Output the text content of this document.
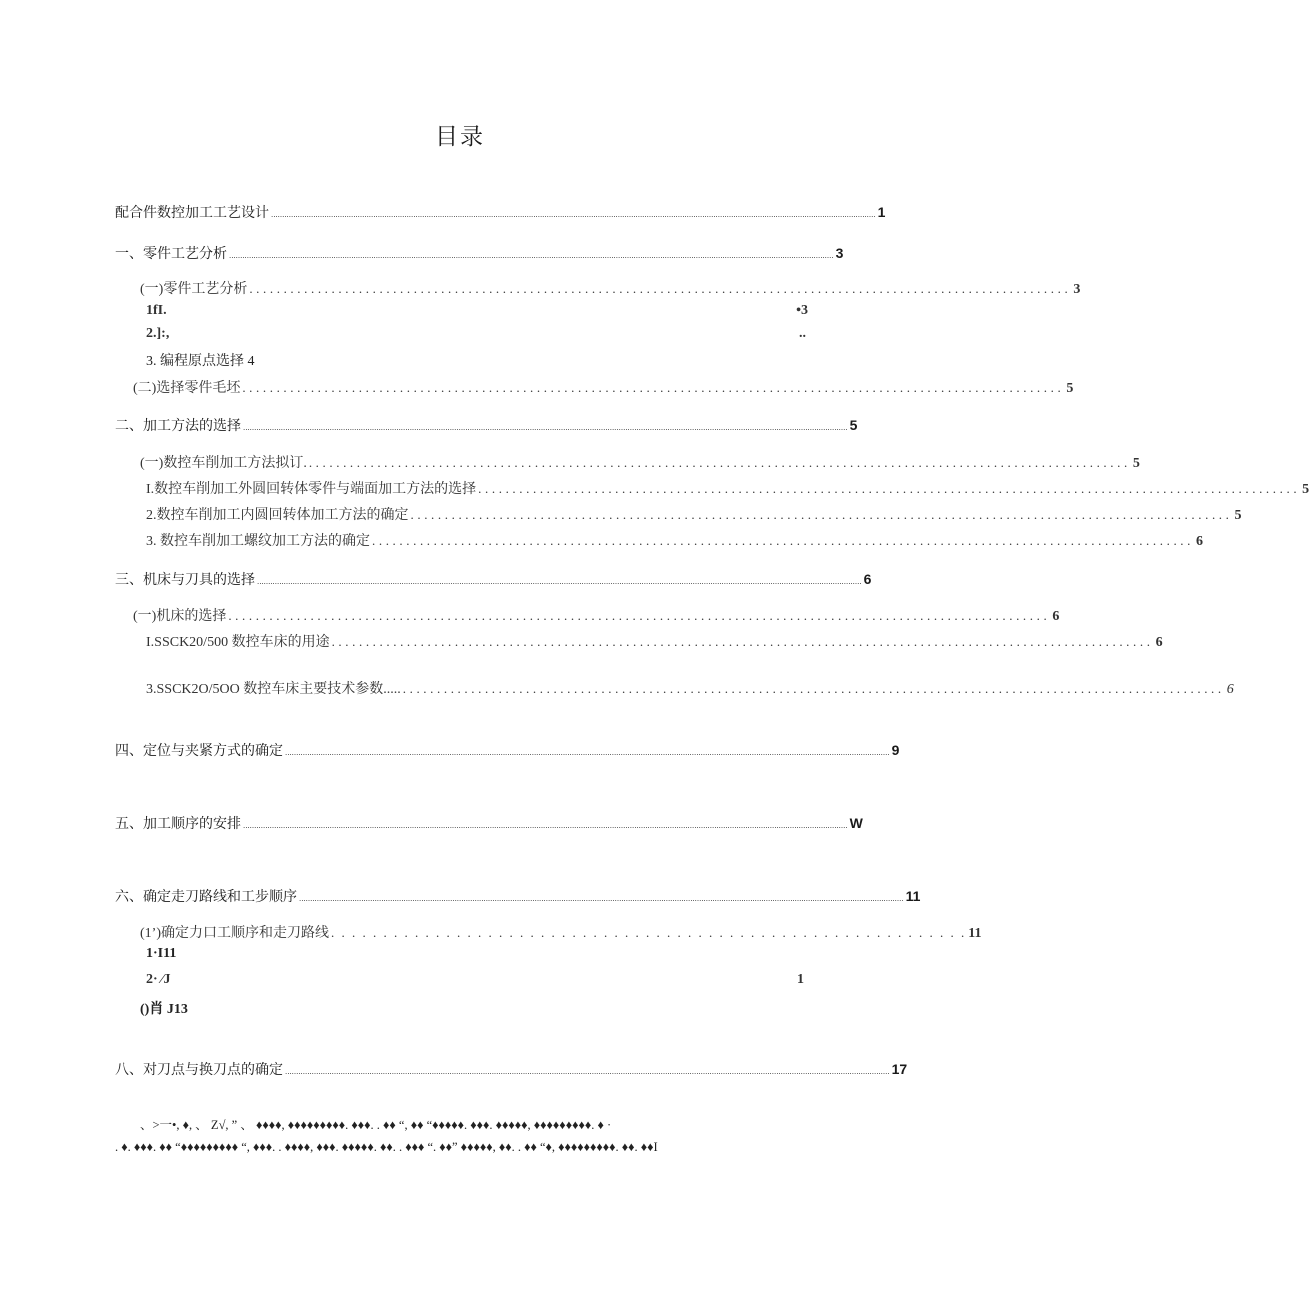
目录
配合件数控加工工艺设计 ................................................................................................................................................................................................................................................................................ 1
一、零件工艺分析 ................................................................................................................................................................................................................................................................................ 3
(一)零件工艺分析 ........................................................................................................................ 3
1fI.	•3
2.]:,	..
3. 编程原点选择 4
(二)选择零件毛坯 ........................................................................................................................ 5
二、加工方法的选择 ................................................................................................................................................................................................................................................................................ 5
(一)数控车削加工方法拟订. ........................................................................................................................ 5
I.数控车削加工外圆回转体零件与端面加工方法的选择 ........................................................................................................................ 5
2.数控车削加工内圆回转体加工方法的确定 ........................................................................................................................ 5
3. 数控车削加工螺纹加工方法的确定 ........................................................................................................................ 6
三、机床与刀具的选择 ................................................................................................................................................................................................................................................................................ 6
(一)机床的选择 ........................................................................................................................ 6
I.SSCK20/500 数控车床的用途 ........................................................................................................................ 6
3.SSCK2O/5OO 数控车床主要技术参数..... ........................................................................................................................ 6
四、定位与夹紧方式的确定 ................................................................................................................................................................................................................................................................................ 9
五、加工顺序的安排 ................................................................................................................................................................................................................................................................................ W
六、确定走刀路线和工步顺序 ................................................................................................................................................................................................................................................................................ 11
(1’)确定力口工顺序和走刀路线 . . . . . . . . . . . . . . . . . . . . . . . . . . . . . . . . . . . . . . . . . . . . . . . . . . . . . . . . . . . . . 11
1·I11
2· ⁄J	1
()肖 J13
八、对刀点与换刀点的确定 ................................................................................................................................................................................................................................................................................ 17
、>一•, ♦, 、 Z√, ” 、 ♦♦♦♦, ♦♦♦♦♦♦♦♦♦. ♦♦♦. . ♦♦ “, ♦♦ “♦♦♦♦♦. ♦♦♦. ♦♦♦♦♦, ♦♦♦♦♦♦♦♦♦. ♦ ·
. ♦. ♦♦♦. ♦♦ “♦♦♦♦♦♦♦♦♦ “, ♦♦♦. . ♦♦♦♦, ♦♦♦. ♦♦♦♦♦. ♦♦. . ♦♦♦ “. ♦♦” ♦♦♦♦♦, ♦♦. . ♦♦ “♦, ♦♦♦♦♦♦♦♦♦. ♦♦. ♦♦I
